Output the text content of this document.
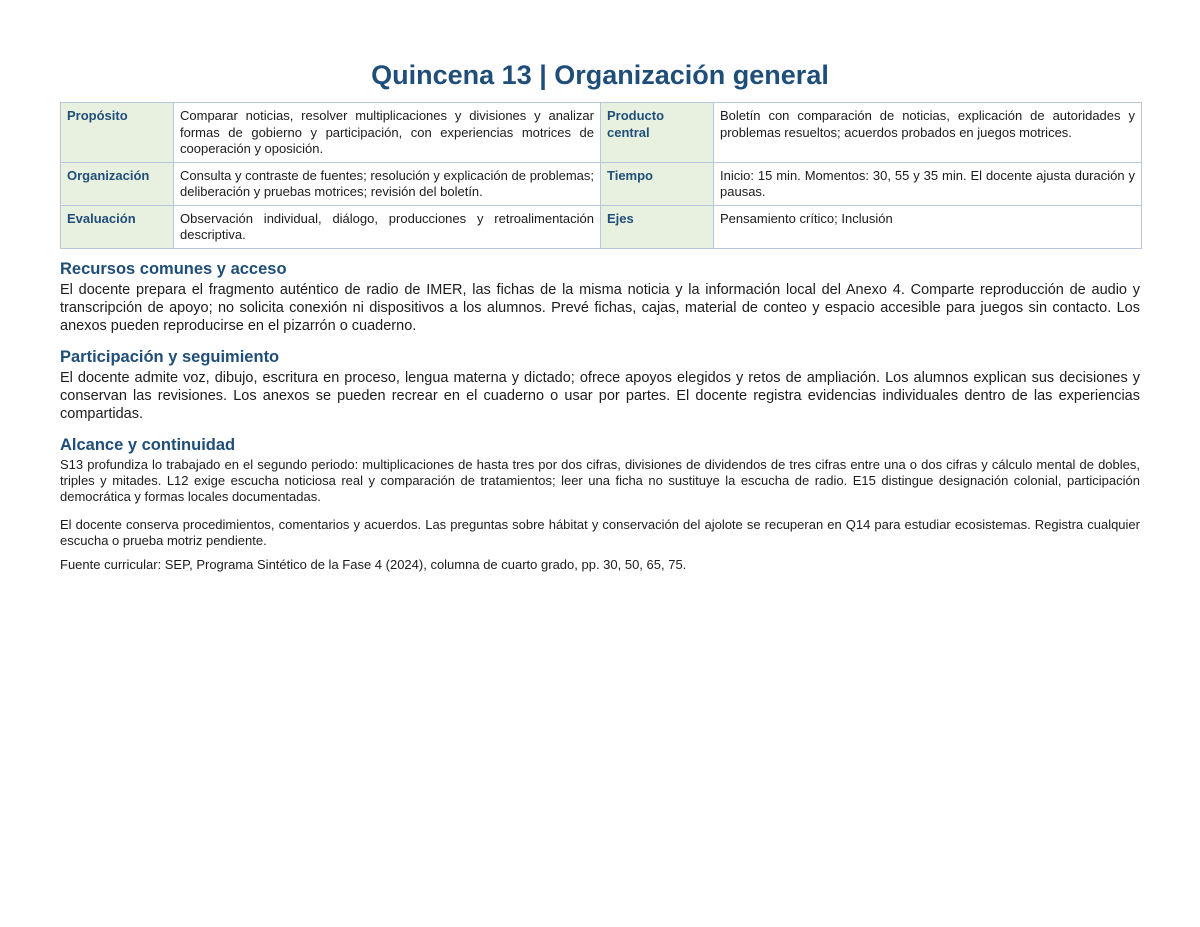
Quincena 13 | Organización general
Propósito	Comparar noticias, resolver multiplicaciones y divisiones y analizar formas de gobierno y participación, con experiencias motrices de cooperación y oposición.	Producto central	Boletín con comparación de noticias, explicación de autoridades y problemas resueltos; acuerdos probados en juegos motrices.
Organización	Consulta y contraste de fuentes; resolución y explicación de problemas; deliberación y pruebas motrices; revisión del boletín.	Tiempo	Inicio: 15 min. Momentos: 30, 55 y 35 min. El docente ajusta duración y pausas.
Evaluación	Observación individual, diálogo, producciones y retroalimentación descriptiva.	Ejes	Pensamiento crítico; Inclusión
Recursos comunes y acceso

El docente prepara el fragmento auténtico de radio de IMER, las fichas de la misma noticia y la información local del Anexo 4. Comparte reproducción de audio y transcripción de apoyo; no solicita conexión ni dispositivos a los alumnos. Prevé fichas, cajas, material de conteo y espacio accesible para juegos sin contacto. Los anexos pueden reproducirse en el pizarrón o cuaderno.

Participación y seguimiento

El docente admite voz, dibujo, escritura en proceso, lengua materna y dictado; ofrece apoyos elegidos y retos de ampliación. Los alumnos explican sus decisiones y conservan las revisiones. Los anexos se pueden recrear en el cuaderno o usar por partes. El docente registra evidencias individuales dentro de las experiencias compartidas.

Alcance y continuidad

S13 profundiza lo trabajado en el segundo periodo: multiplicaciones de hasta tres por dos cifras, divisiones de dividendos de tres cifras entre una o dos cifras y cálculo mental de dobles, triples y mitades. L12 exige escucha noticiosa real y comparación de tratamientos; leer una ficha no sustituye la escucha de radio. E15 distingue designación colonial, participación democrática y formas locales documentadas.

El docente conserva procedimientos, comentarios y acuerdos. Las preguntas sobre hábitat y conservación del ajolote se recuperan en Q14 para estudiar ecosistemas. Registra cualquier escucha o prueba motriz pendiente.

Fuente curricular: SEP, Programa Sintético de la Fase 4 (2024), columna de cuarto grado, pp. 30, 50, 65, 75.
